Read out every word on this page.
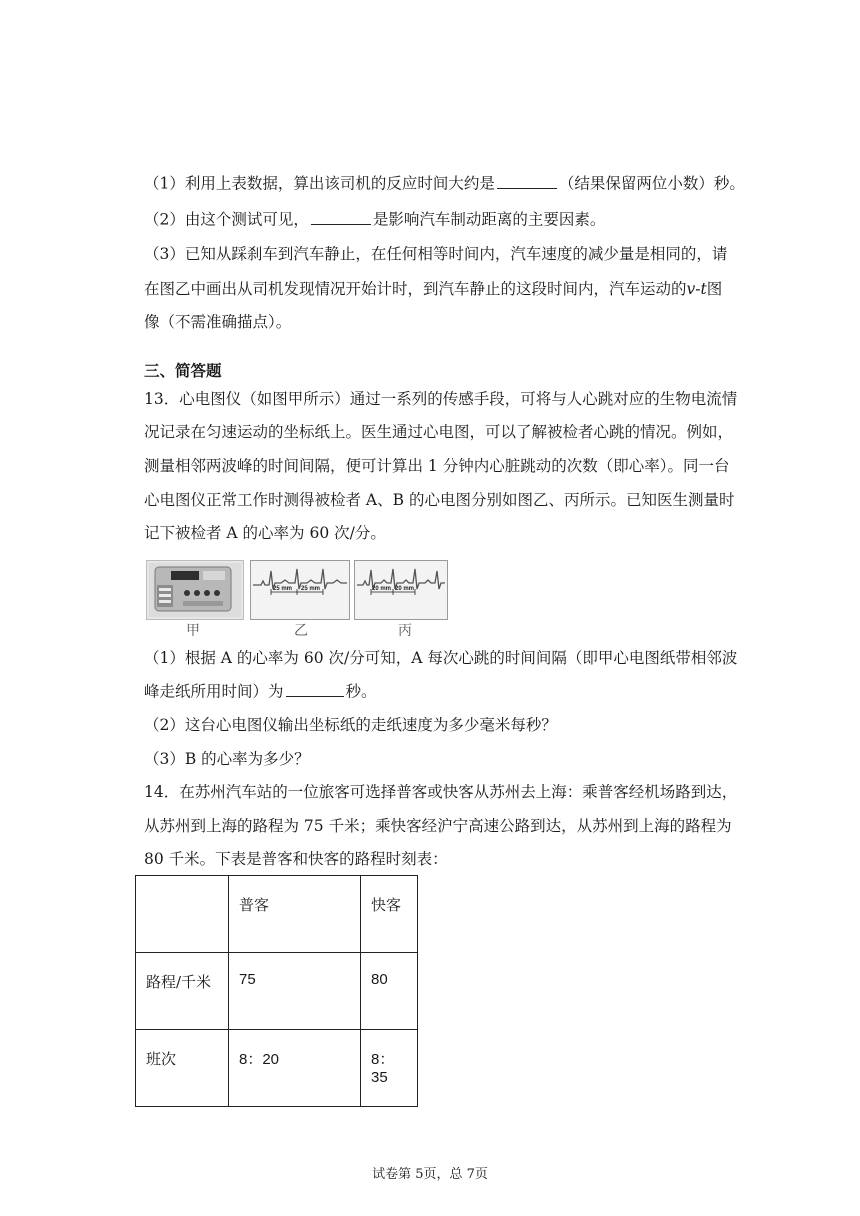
（1）利用上表数据，算出该司机的反应时间大约是	（结果保留两位小数）秒。
（2）由这个测试可见，	是影响汽车制动距离的主要因素。
（3）已知从踩刹车到汽车静止，在任何相等时间内，汽车速度的减少量是相同的，请
在图乙中画出从司机发现情况开始计时，到汽车静止的这段时间内，汽车运动的v-t图
像（不需准确描点）。
三、简答题
13．心电图仪（如图甲所示）通过一系列的传感手段，可将与人心跳对应的生物电流情
况记录在匀速运动的坐标纸上。医生通过心电图，可以了解被检者心跳的情况。例如，
测量相邻两波峰的时间间隔，便可计算出 1 分钟内心脏跳动的次数（即心率）。同一台
心电图仪正常工作时测得被检者 A、B 的心电图分别如图乙、丙所示。已知医生测量时
记下被检者 A 的心率为 60 次/分。
25 mm 25 mm	20 mm 20 mm
甲	乙	丙
（1）根据 A 的心率为 60 次/分可知，A 每次心跳的时间间隔（即甲心电图纸带相邻波
峰走纸所用时间）为	秒。
（2）这台心电图仪输出坐标纸的走纸速度为多少毫米每秒？
（3）B 的心率为多少？
14．在苏州汽车站的一位旅客可选择普客或快客从苏州去上海：乘普客经机场路到达，
从苏州到上海的路程为 75 千米；乘快客经沪宁高速公路到达，从苏州到上海的路程为
80 千米。下表是普客和快客的路程时刻表：
	普客	快客
路程/千米	75	80
班次	8：20	8：35
试卷第 5页，总 7页
